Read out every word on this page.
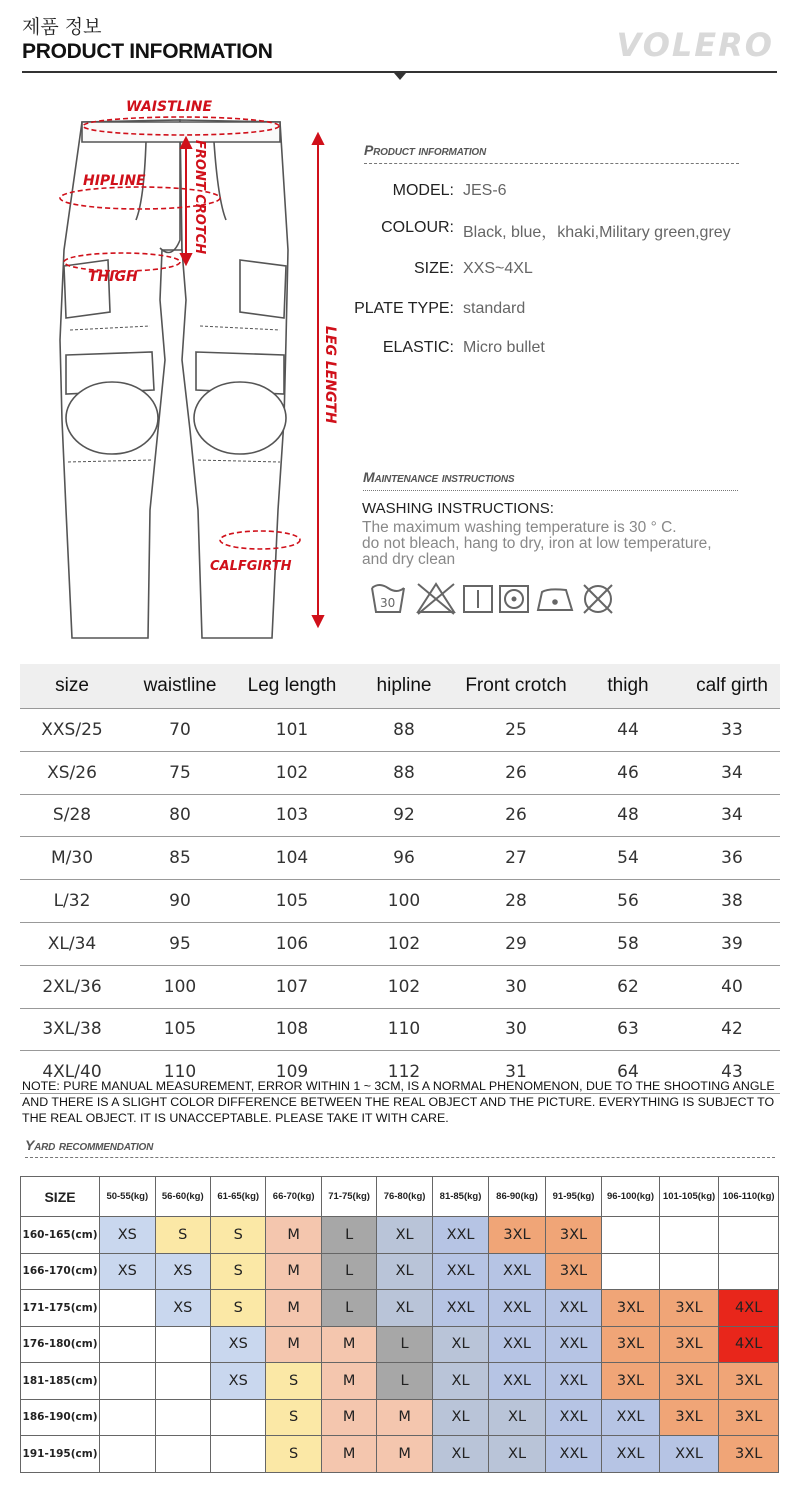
제품 정보
PRODUCT INFORMATION	VOLERO
WAISTLINE
HIPLINE
THIGH
CALFGIRTH
FRONT CROTCH
LEG LENGTH
Product information
MODEL: JES-6
COLOUR: Black, blue，khaki,Military green,grey
SIZE: XXS~4XL
PLATE TYPE: standard
ELASTIC: Micro bullet
Maintenance instructions
WASHING INSTRUCTIONS:
The maximum washing temperature is 30 ° C.
do not bleach, hang to dry, iron at low temperature,
and dry clean
30
size	waistline	Leg length	hipline	Front crotch	thigh	calf girth
XXS/25	70	101	88	25	44	33
XS/26	75	102	88	26	46	34
S/28	80	103	92	26	48	34
M/30	85	104	96	27	54	36
L/32	90	105	100	28	56	38
XL/34	95	106	102	29	58	39
2XL/36	100	107	102	30	62	40
3XL/38	105	108	110	30	63	42
4XL/40	110	109	112	31	64	43
NOTE: PURE MANUAL MEASUREMENT, ERROR WITHIN 1 ~ 3CM, IS A NORMAL PHENOMENON, DUE TO THE SHOOTING ANGLE AND THERE IS A SLIGHT COLOR DIFFERENCE BETWEEN THE REAL OBJECT AND THE PICTURE. EVERYTHING IS SUBJECT TO THE REAL OBJECT. IT IS UNACCEPTABLE. PLEASE TAKE IT WITH CARE.
Yard recommendation
SIZE	50-55(kg)	56-60(kg)	61-65(kg)	66-70(kg)	71-75(kg)	76-80(kg)	81-85(kg)	86-90(kg)	91-95(kg)	96-100(kg)	101-105(kg)	106-110(kg)
160-165(cm)	XS	S	S	M	L	XL	XXL	3XL	3XL			
166-170(cm)	XS	XS	S	M	L	XL	XXL	XXL	3XL			
171-175(cm)		XS	S	M	L	XL	XXL	XXL	XXL	3XL	3XL	4XL
176-180(cm)			XS	M	M	L	XL	XXL	XXL	3XL	3XL	4XL
181-185(cm)			XS	S	M	L	XL	XXL	XXL	3XL	3XL	3XL
186-190(cm)				S	M	M	XL	XL	XXL	XXL	3XL	3XL
191-195(cm)				S	M	M	XL	XL	XXL	XXL	XXL	3XL
